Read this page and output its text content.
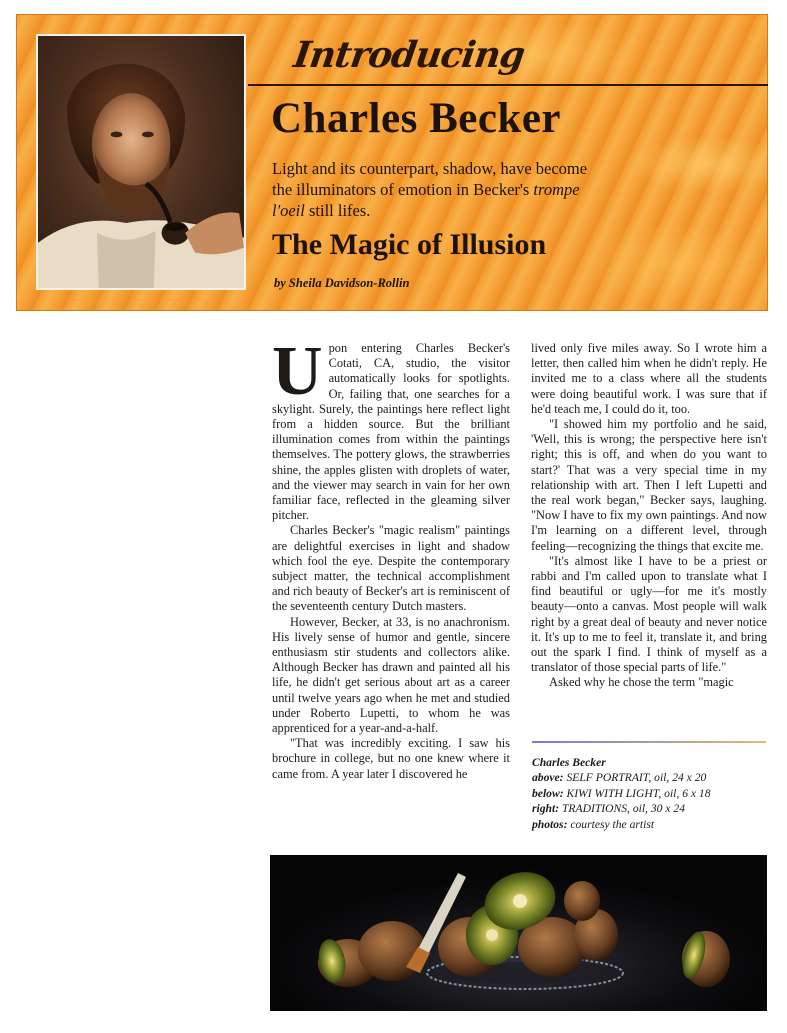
Introducing
Charles Becker
Light and its counterpart, shadow, have become the illuminators of emotion in Becker's trompe l'oeil still lifes.
The Magic of Illusion
by Sheila Davidson-Rollin

Upon entering Charles Becker's Cotati, CA, studio, the visitor automatically looks for spotlights. Or, failing that, one searches for a skylight. Surely, the paintings here reflect light from a hidden source. But the brilliant illumination comes from within the paintings themselves. The pottery glows, the strawberries shine, the apples glisten with droplets of water, and the viewer may search in vain for her own familiar face, reflected in the gleaming silver pitcher.

Charles Becker's "magic realism" paintings are delightful exercises in light and shadow which fool the eye. Despite the contemporary subject matter, the technical accomplishment and rich beauty of Becker's art is reminiscent of the seventeenth century Dutch masters.

However, Becker, at 33, is no anachronism. His lively sense of humor and gentle, sincere enthusiasm stir students and collectors alike. Although Becker has drawn and painted all his life, he didn't get serious about art as a career until twelve years ago when he met and studied under Roberto Lupetti, to whom he was apprenticed for a year-and-a-half.

"That was incredibly exciting. I saw his brochure in college, but no one knew where it came from. A year later I discovered he

lived only five miles away. So I wrote him a letter, then called him when he didn't reply. He invited me to a class where all the students were doing beautiful work. I was sure that if he'd teach me, I could do it, too.

"I showed him my portfolio and he said, 'Well, this is wrong; the perspective here isn't right; this is off, and when do you want to start?' That was a very special time in my relationship with art. Then I left Lupetti and the real work began," Becker says, laughing. "Now I have to fix my own paintings. And now I'm learning on a different level, through feeling—recognizing the things that excite me.

"It's almost like I have to be a priest or rabbi and I'm called upon to translate what I find beautiful or ugly—for me it's mostly beauty—onto a canvas. Most people will walk right by a great deal of beauty and never notice it. It's up to me to feel it, translate it, and bring out the spark I find. I think of myself as a translator of those special parts of life."

Asked why he chose the term "magic

Charles Becker
above: SELF PORTRAIT, oil, 24 x 20
below: KIWI WITH LIGHT, oil, 6 x 18
right: TRADITIONS, oil, 30 x 24
photos: courtesy the artist
